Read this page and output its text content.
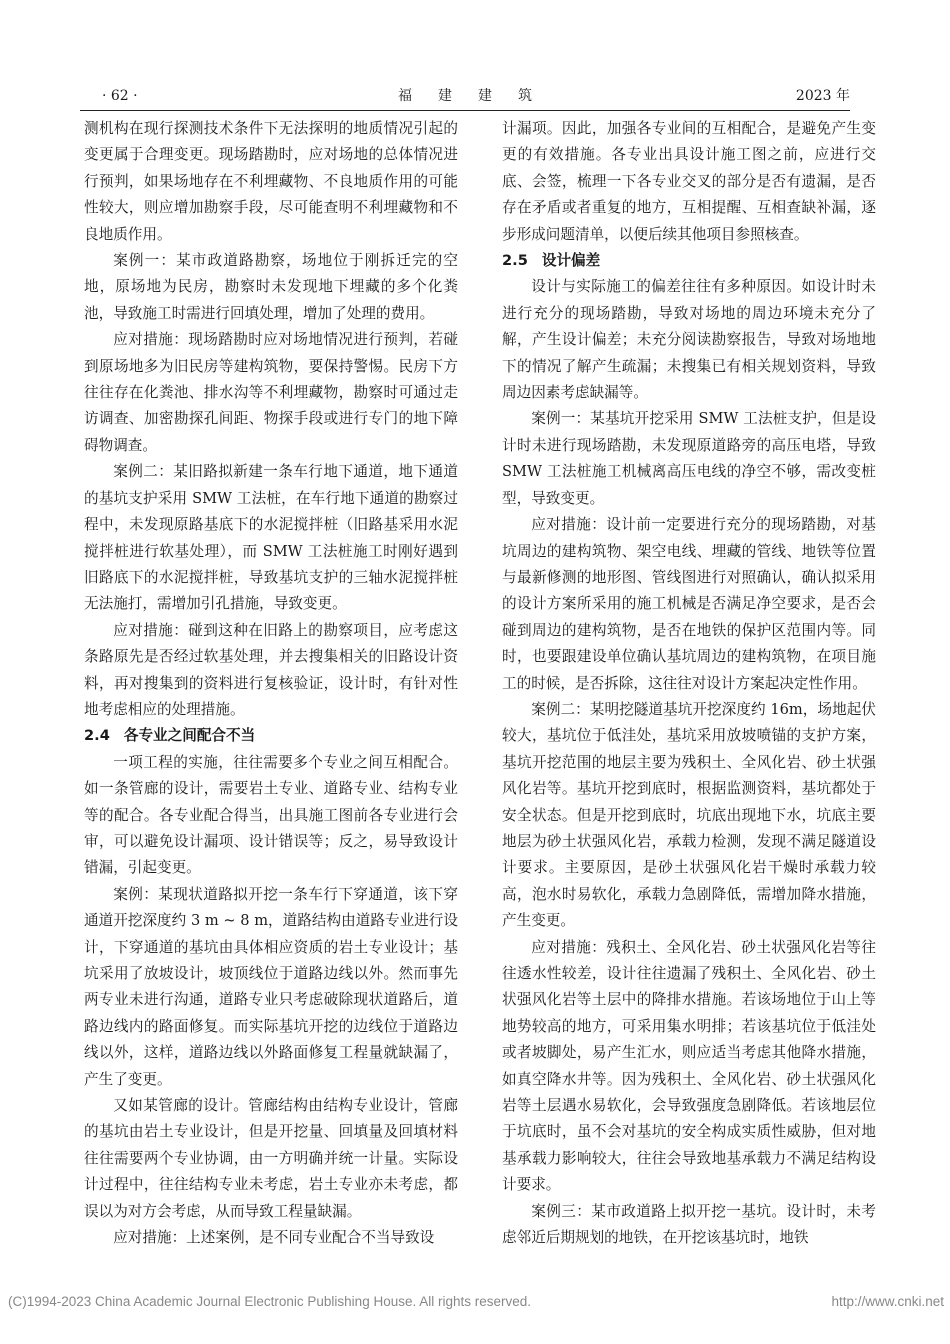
· 62 ·	福建建筑	2023 年

测机构在现行探测技术条件下无法探明的地质情况引起的变更属于合理变更。现场踏勘时，应对场地的总体情况进行预判，如果场地存在不利埋藏物、不良地质作用的可能性较大，则应增加勘察手段，尽可能查明不利埋藏物和不良地质作用。

案例一：某市政道路勘察，场地位于刚拆迁完的空地，原场地为民房，勘察时未发现地下埋藏的多个化粪池，导致施工时需进行回填处理，增加了处理的费用。

应对措施：现场踏勘时应对场地情况进行预判，若碰到原场地多为旧民房等建构筑物，要保持警惕。民房下方往往存在化粪池、排水沟等不利埋藏物，勘察时可通过走访调查、加密勘探孔间距、物探手段或进行专门的地下障碍物调查。

案例二：某旧路拟新建一条车行地下通道，地下通道的基坑支护采用 SMW 工法桩，在车行地下通道的勘察过程中，未发现原路基底下的水泥搅拌桩（旧路基采用水泥搅拌桩进行软基处理），而 SMW 工法桩施工时刚好遇到旧路底下的水泥搅拌桩，导致基坑支护的三轴水泥搅拌桩无法施打，需增加引孔措施，导致变更。

应对措施：碰到这种在旧路上的勘察项目，应考虑这条路原先是否经过软基处理，并去搜集相关的旧路设计资料，再对搜集到的资料进行复核验证，设计时，有针对性地考虑相应的处理措施。

2.4 各专业之间配合不当

一项工程的实施，往往需要多个专业之间互相配合。如一条管廊的设计，需要岩土专业、道路专业、结构专业等的配合。各专业配合得当，出具施工图前各专业进行会审，可以避免设计漏项、设计错误等；反之，易导致设计错漏，引起变更。

案例：某现状道路拟开挖一条车行下穿通道，该下穿通道开挖深度约 3 m ~ 8 m，道路结构由道路专业进行设计，下穿通道的基坑由具体相应资质的岩土专业设计；基坑采用了放坡设计，坡顶线位于道路边线以外。然而事先两专业未进行沟通，道路专业只考虑破除现状道路后，道路边线内的路面修复。而实际基坑开挖的边线位于道路边线以外，这样，道路边线以外路面修复工程量就缺漏了，产生了变更。

又如某管廊的设计。管廊结构由结构专业设计，管廊的基坑由岩土专业设计，但是开挖量、回填量及回填材料往往需要两个专业协调，由一方明确并统一计量。实际设计过程中，往往结构专业未考虑，岩土专业亦未考虑，都误以为对方会考虑，从而导致工程量缺漏。

应对措施：上述案例，是不同专业配合不当导致设

计漏项。因此，加强各专业间的互相配合，是避免产生变更的有效措施。各专业出具设计施工图之前，应进行交底、会签，梳理一下各专业交叉的部分是否有遗漏，是否存在矛盾或者重复的地方，互相提醒、互相查缺补漏，逐步形成问题清单，以便后续其他项目参照核查。

2.5 设计偏差

设计与实际施工的偏差往往有多种原因。如设计时未进行充分的现场踏勘，导致对场地的周边环境未充分了解，产生设计偏差；未充分阅读勘察报告，导致对场地地下的情况了解产生疏漏；未搜集已有相关规划资料，导致周边因素考虑缺漏等。

案例一：某基坑开挖采用 SMW 工法桩支护，但是设计时未进行现场踏勘，未发现原道路旁的高压电塔，导致 SMW 工法桩施工机械离高压电线的净空不够，需改变桩型，导致变更。

应对措施：设计前一定要进行充分的现场踏勘，对基坑周边的建构筑物、架空电线、埋藏的管线、地铁等位置与最新修测的地形图、管线图进行对照确认，确认拟采用的设计方案所采用的施工机械是否满足净空要求，是否会碰到周边的建构筑物，是否在地铁的保护区范围内等。同时，也要跟建设单位确认基坑周边的建构筑物，在项目施工的时候，是否拆除，这往往对设计方案起决定性作用。

案例二：某明挖隧道基坑开挖深度约 16m，场地起伏较大，基坑位于低洼处，基坑采用放坡喷锚的支护方案，基坑开挖范围的地层主要为残积土、全风化岩、砂土状强风化岩等。基坑开挖到底时，根据监测资料，基坑都处于安全状态。但是开挖到底时，坑底出现地下水，坑底主要地层为砂土状强风化岩，承载力检测，发现不满足隧道设计要求。主要原因，是砂土状强风化岩干燥时承载力较高，泡水时易软化，承载力急剧降低，需增加降水措施，产生变更。

应对措施：残积土、全风化岩、砂土状强风化岩等往往透水性较差，设计往往遗漏了残积土、全风化岩、砂土状强风化岩等土层中的降排水措施。若该场地位于山上等地势较高的地方，可采用集水明排；若该基坑位于低洼处或者坡脚处，易产生汇水，则应适当考虑其他降水措施，如真空降水井等。因为残积土、全风化岩、砂土状强风化岩等土层遇水易软化，会导致强度急剧降低。若该地层位于坑底时，虽不会对基坑的安全构成实质性威胁，但对地基承载力影响较大，往往会导致地基承载力不满足结构设计要求。

案例三：某市政道路上拟开挖一基坑。设计时，未考虑邻近后期规划的地铁，在开挖该基坑时，地铁

(C)1994-2023 China Academic Journal Electronic Publishing House. All rights reserved.	http://www.cnki.net
